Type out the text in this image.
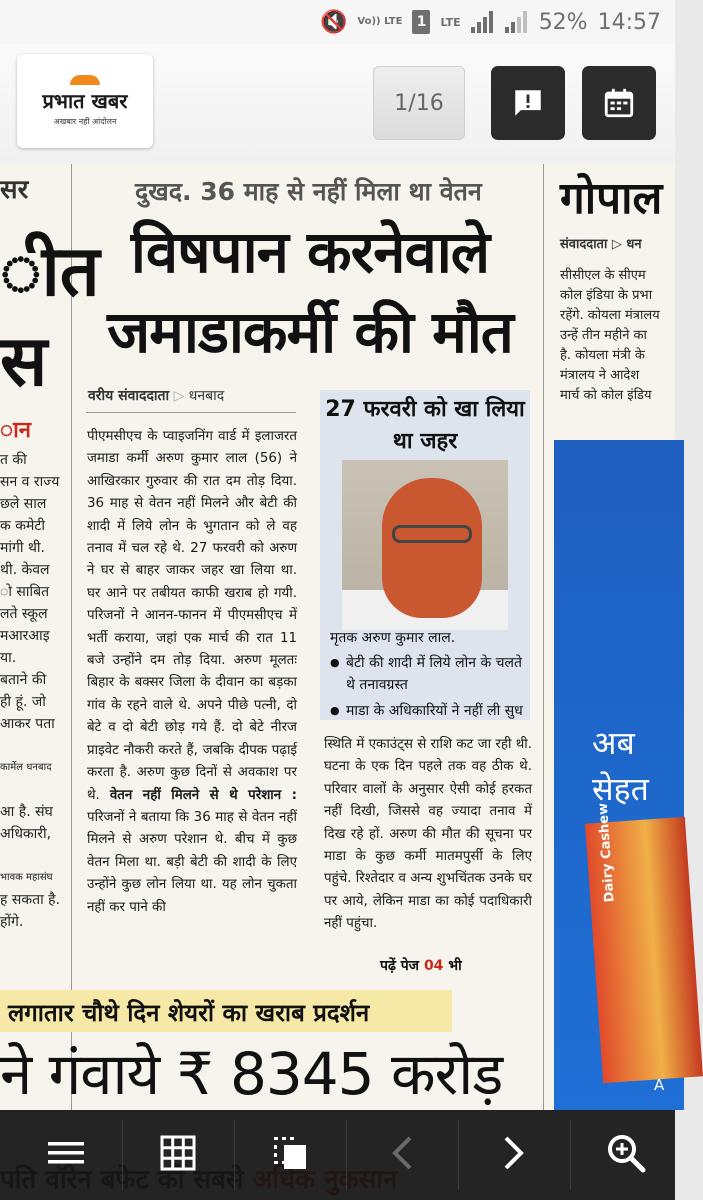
🔇 Vo)) LTE 1	LTE	52% 14:57
प्रभात खबर
अखबार नहीं आंदोलन
1/16
सर
ीत
स
ान
त की
सन व राज्य
छले साल
क कमेटी
मांगी थी.
थी. केवल
ो साबित
लते स्कूल
मआरआइ
या.
बताने की
ही हूं. जो
आकर पता

कार्मेल धनबाद

आ है. संघ
अधिकारी,

भावक महासंघ
ह सकता है.
होंगे.
दुखद. 36 माह से नहीं मिला था वेतन
विषपान करनेवाले
जमाडाकर्मी की मौत
वरीय संवाददाता ▷ धनबाद
पीएमसीएच के प्वाइजनिंग वार्ड में इलाजरत जमाडा कर्मी अरुण कुमार लाल (56) ने आखिरकार गुरुवार की रात दम तोड़ दिया. 36 माह से वेतन नहीं मिलने और बेटी की शादी में लिये लोन के भुगतान को ले वह तनाव में चल रहे थे. 27 फरवरी को अरुण ने घर से बाहर जाकर जहर खा लिया था. घर आने पर तबीयत काफी खराब हो गयी. परिजनों ने आनन-फानन में पीएमसीएच में भर्ती कराया, जहां एक मार्च की रात 11 बजे उन्होंने दम तोड़ दिया. अरुण मूलतः बिहार के बक्सर जिला के दीवान का बड़का गांव के रहने वाले थे. अपने पीछे पत्नी, दो बेटे व दो बेटी छोड़ गये हैं. दो बेटे नीरज प्राइवेट नौकरी करते हैं, जबकि दीपक पढ़ाई करता है. अरुण कुछ दिनों से अवकाश पर थे. वेतन नहीं मिलने से थे परेशान : परिजनों ने बताया कि 36 माह से वेतन नहीं मिलने से अरुण परेशान थे. बीच में कुछ वेतन मिला था. बड़ी बेटी की शादी के लिए उन्होंने कुछ लोन लिया था. यह लोन चुकता नहीं कर पाने की
27 फरवरी को खा लिया था जहर
मृतक अरुण कुमार लाल.
● बेटी की शादी में लिये लोन के चलते थे तनावग्रस्त
● माडा के अधिकारियों ने नहीं ली सुध
स्थिति में एकाउंट्स से राशि कट जा रही थी. घटना के एक दिन पहले तक वह ठीक थे. परिवार वालों के अनुसार ऐसी कोई हरकत नहीं दिखी, जिससे वह ज्यादा तनाव में दिख रहे हों. अरुण की मौत की सूचना पर माडा के कुछ कर्मी मातमपुर्सी के लिए पहुंचे. रिश्तेदार व अन्य शुभचिंतक उनके घर पर आये, लेकिन माडा का कोई पदाधिकारी नहीं पहुंचा.
पढ़ें पेज 04 भी
गोपाल
संवाददाता ▷ धन
सीसीएल के सीएम
कोल इंडिया के प्रभा
रहेंगे. कोयला मंत्रालय
उन्हें तीन महीने का
है. कोयला मंत्री के
मंत्रालय ने आदेश
मार्च को कोल इंडिय
अब
सेहत
Dairy Cashew
A
लगातार चौथे दिन शेयरों का खराब प्रदर्शन
ने गंवाये ₹ 8345 करोड़
